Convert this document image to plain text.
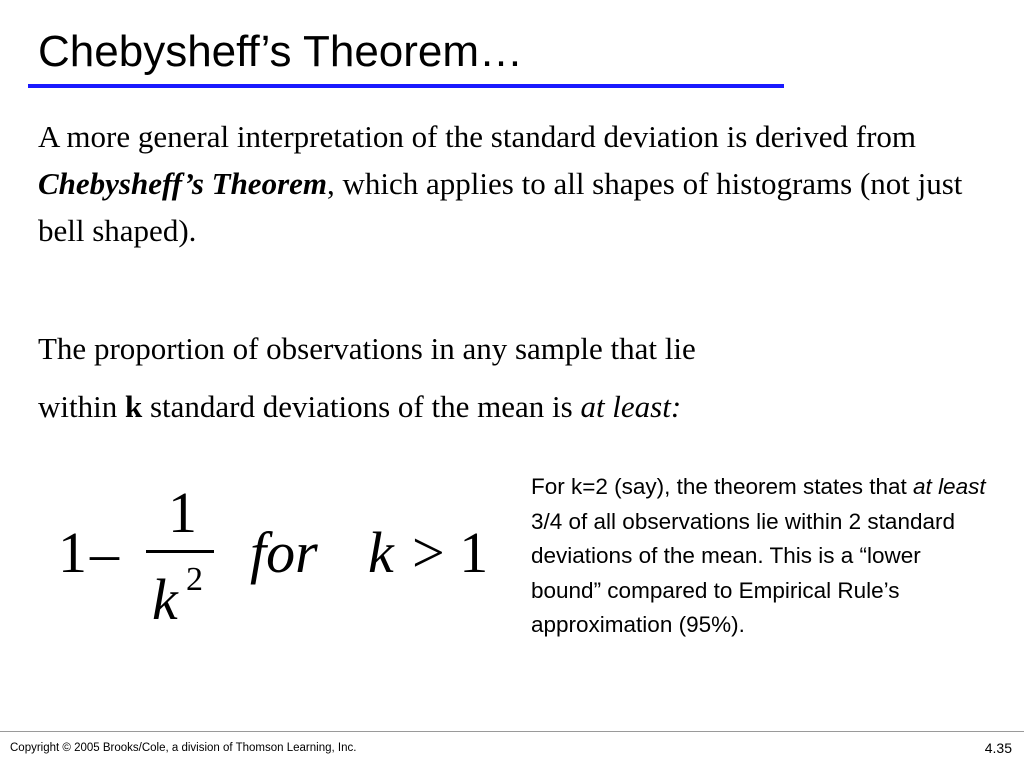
Chebysheff’s Theorem…
A more general interpretation of the standard deviation is derived from Chebysheff’s Theorem, which applies to all shapes of histograms (not just bell shaped).
The proportion of observations in any sample that lie
within k standard deviations of the mean is at least:
1 –
1
k 2 for k > 1
For k=2 (say), the theorem states that at least 3/4 of all observations lie within 2 standard deviations of the mean. This is a “lower bound” compared to Empirical Rule’s approximation (95%).
Copyright © 2005 Brooks/Cole, a division of Thomson Learning, Inc.	4.35
